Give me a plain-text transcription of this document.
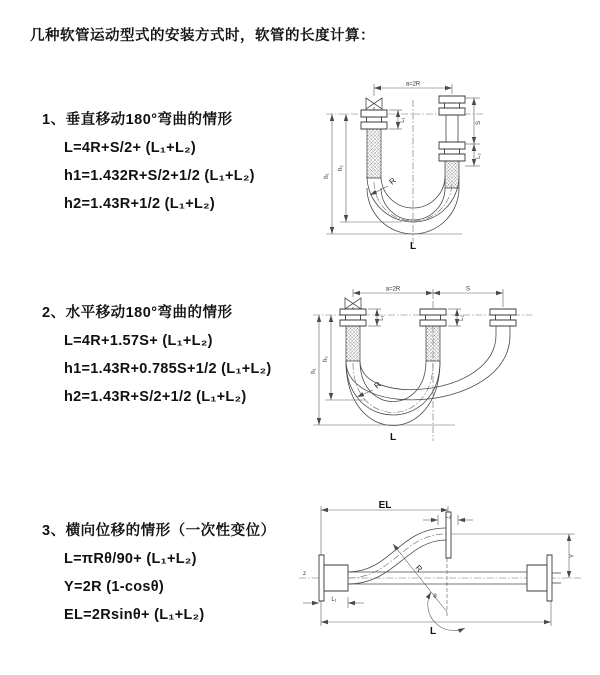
几种软管运动型式的安装方式时，软管的长度计算：
1、垂直移动180°弯曲的情形
L=4R+S/2+ (L₁+L₂)
h1=1.432R+S/2+1/2 (L₁+L₂)
h2=1.43R+1/2 (L₁+L₂)
2、水平移动180°弯曲的情形
L=4R+1.57S+ (L₁+L₂)
h1=1.43R+0.785S+1/2 (L₁+L₂)
h2=1.43R+S/2+1/2 (L₁+L₂)
3、横向位移的情形（一次性变位）
L=πRθ/90+ (L₁+L₂)
Y=2R (1-cosθ)
EL=2Rsinθ+ (L₁+L₂)
a=2R
S
L₂
L₁
h₂
h₁	R
L
a=2R	S
L₁	L₂
h₂
h₁
R
L
z
EL
L₂
Y
R
θ
L₁
L
